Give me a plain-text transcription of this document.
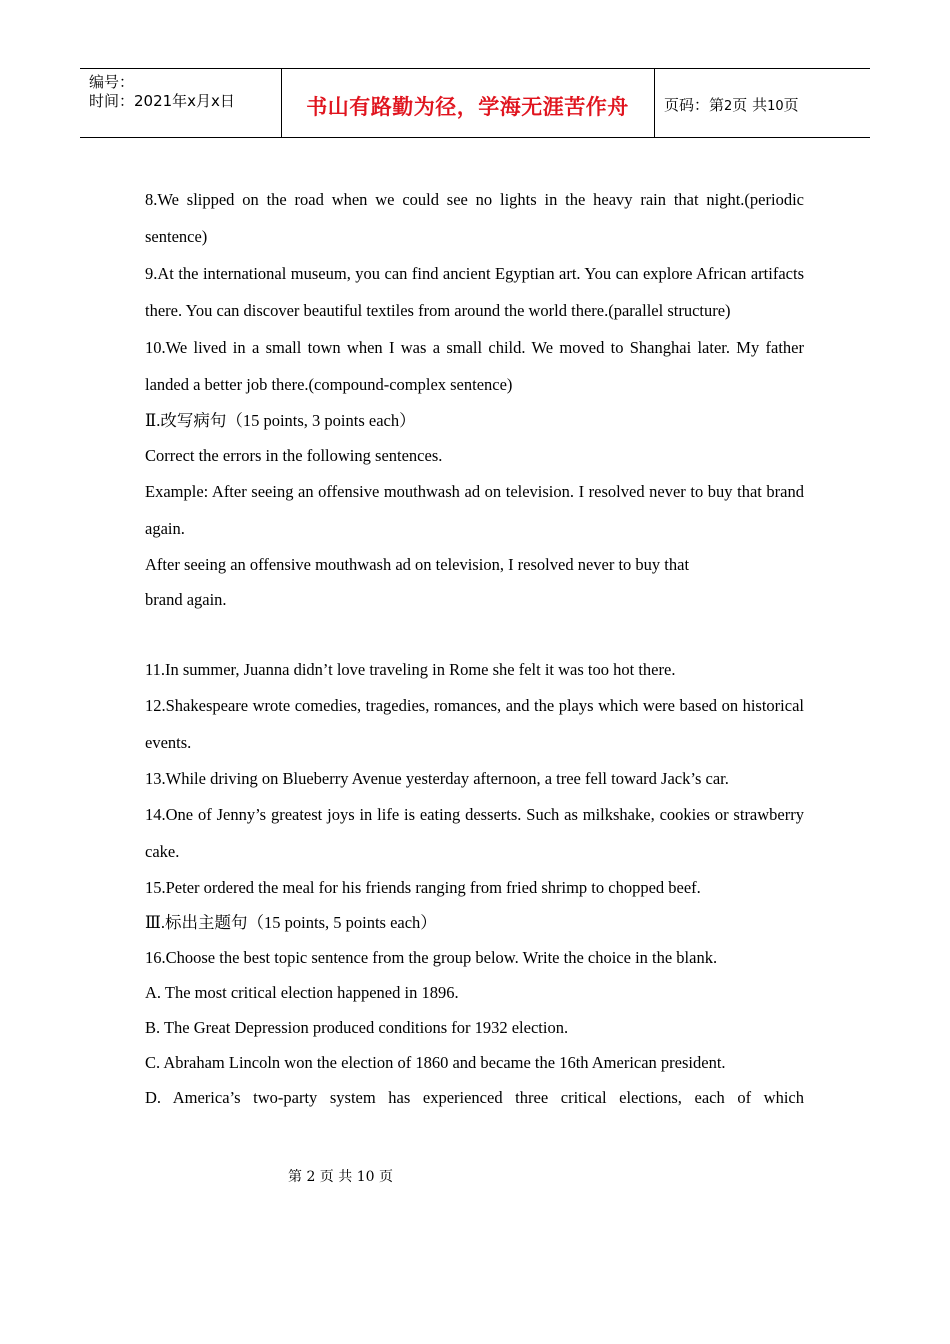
编号：
时间：2021年x月x日	书山有路勤为径，学海无涯苦作舟	页码：第2页 共10页

8.We slipped on the road when we could see no lights in the heavy rain that night.(periodic sentence)

9.At the international museum, you can find ancient Egyptian art. You can explore African artifacts there. You can discover beautiful textiles from around the world there.(parallel structure)

10.We lived in a small town when I was a small child. We moved to Shanghai later. My father landed a better job there.(compound-complex sentence)

Ⅱ.改写病句（15 points, 3 points each）

Correct the errors in the following sentences.

Example: After seeing an offensive mouthwash ad on television. I resolved never to buy that brand again.

After seeing an offensive mouthwash ad on television, I resolved never to buy that

brand again.

11.In summer, Juanna didn’t love traveling in Rome she felt it was too hot there.

12.Shakespeare wrote comedies, tragedies, romances, and the plays which were based on historical events.

13.While driving on Blueberry Avenue yesterday afternoon, a tree fell toward Jack’s car.

14.One of Jenny’s greatest joys in life is eating desserts. Such as milkshake, cookies or strawberry cake.

15.Peter ordered the meal for his friends ranging from fried shrimp to chopped beef.

Ⅲ.标出主题句（15 points, 5 points each）

16.Choose the best topic sentence from the group below. Write the choice in the blank.

A. The most critical election happened in 1896.

B. The Great Depression produced conditions for 1932 election.

C. Abraham Lincoln won the election of 1860 and became the 16th American president.

D. America’s two-party system has experienced three critical elections, each of which

第 2 页 共 10 页
